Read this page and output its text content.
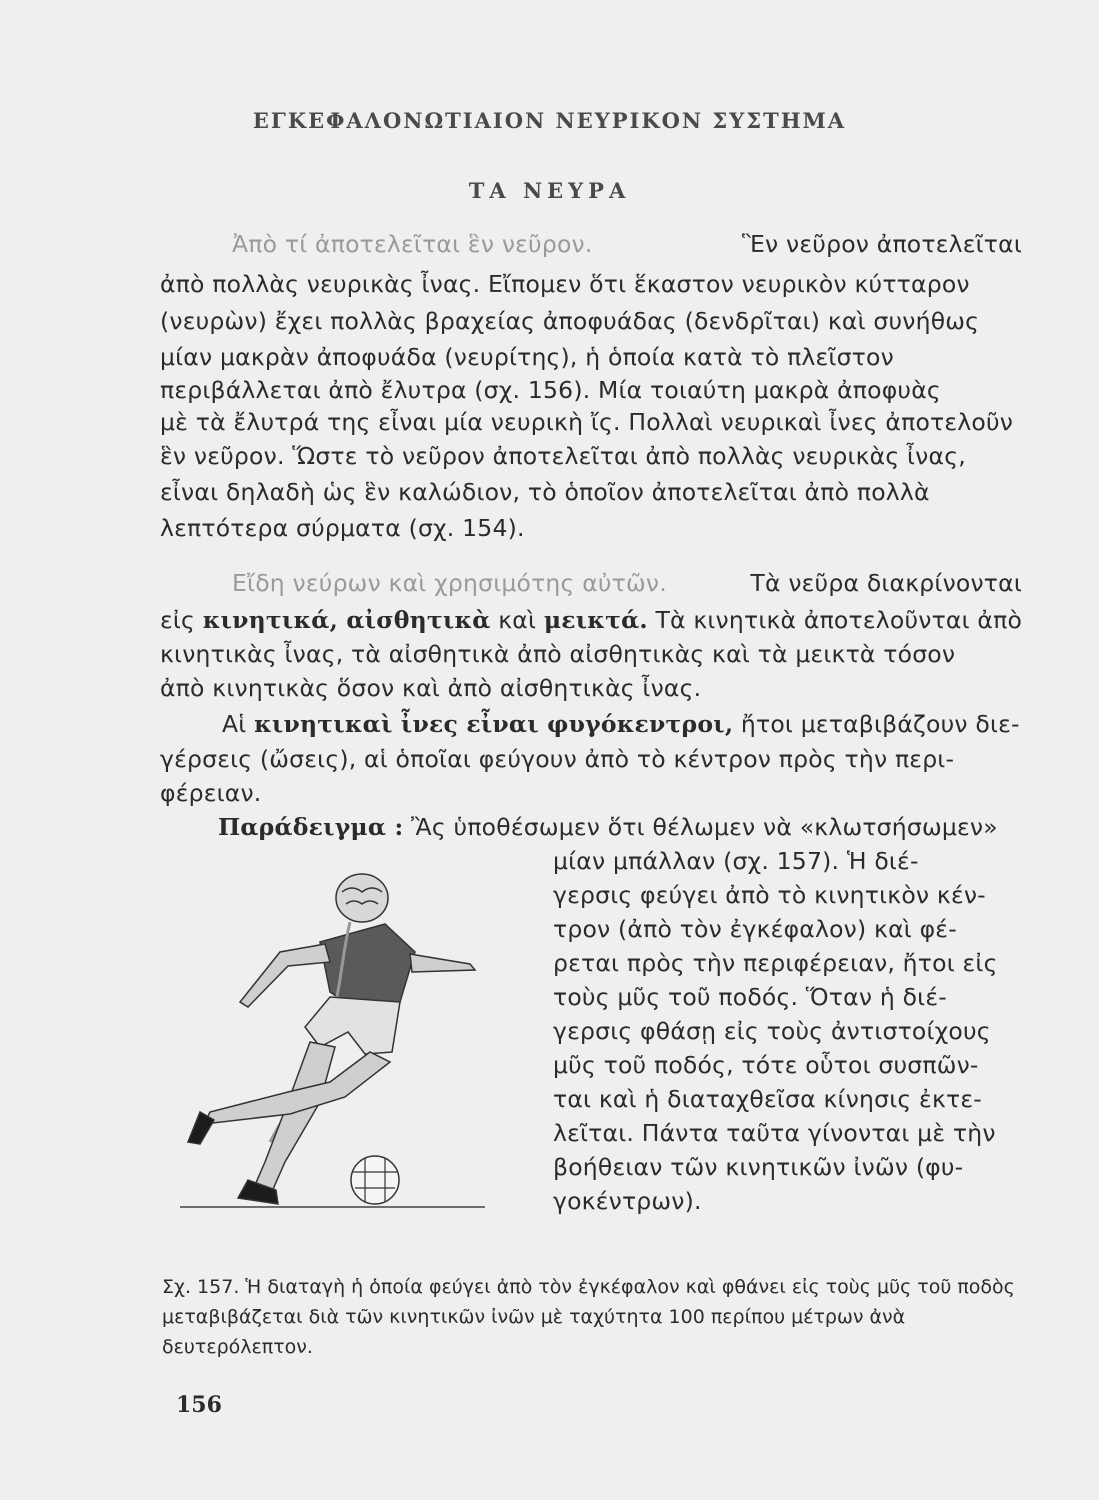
ΕΓΚΕΦΑΛΟΝΩΤΙΑΙΟΝ ΝΕΥΡΙΚΟΝ ΣΥΣΤΗΜΑ
ΤΑ ΝΕΥΡΑ
Ἀπὸ τί ἀποτελεῖται ἓν νεῦρον.	Ἓν νεῦρον ἀποτελεῖται
ἀπὸ πολλὰς νευρικὰς ἶνας. Εἴπομεν ὅτι ἕκαστον νευρικὸν κύτταρον
(νευρὼν) ἔχει πολλὰς βραχείας ἀποφυάδας (δενδρῖται) καὶ συνήθως
μίαν μακρὰν ἀποφυάδα (νευρίτης), ἡ ὁποία κατὰ τὸ πλεῖστον
περιβάλλεται ἀπὸ ἔλυτρα (σχ. 156). Μία τοιαύτη μακρὰ ἀποφυὰς
μὲ τὰ ἔλυτρά της εἶναι μία νευρικὴ ἴς. Πολλαὶ νευρικαὶ ἶνες ἀποτελοῦν
ἓν νεῦρον. Ὥστε τὸ νεῦρον ἀποτελεῖται ἀπὸ πολλὰς νευρικὰς ἶνας,
εἶναι δηλαδὴ ὡς ἓν καλώδιον, τὸ ὁποῖον ἀποτελεῖται ἀπὸ πολλὰ
λεπτότερα σύρματα (σχ. 154).
Εἴδη νεύρων καὶ χρησιμότης αὐτῶν.	Τὰ νεῦρα διακρίνονται
εἰς κινητικά, αἰσθητικὰ καὶ μεικτά. Τὰ κινητικὰ ἀποτελοῦνται ἀπὸ
κινητικὰς ἶνας, τὰ αἰσθητικὰ ἀπὸ αἰσθητικὰς καὶ τὰ μεικτὰ τόσον
ἀπὸ κινητικὰς ὅσον καὶ ἀπὸ αἰσθητικὰς ἶνας.
Αἱ κινητικαὶ ἶνες εἶναι φυγόκεντροι, ἤτοι μεταβιβάζουν διε-
γέρσεις (ὤσεις), αἱ ὁποῖαι φεύγουν ἀπὸ τὸ κέντρον πρὸς τὴν περι-
φέρειαν.
Παράδειγμα : Ἂς ὑποθέσωμεν ὅτι θέλωμεν νὰ «κλωτσήσωμεν»
μίαν μπάλλαν (σχ. 157). Ἡ διέ-
γερσις φεύγει ἀπὸ τὸ κινητικὸν κέν-
τρον (ἀπὸ τὸν ἐγκέφαλον) καὶ φέ-
ρεται πρὸς τὴν περιφέρειαν, ἤτοι εἰς
τοὺς μῦς τοῦ ποδός. Ὅταν ἡ διέ-
γερσις φθάσῃ εἰς τοὺς ἀντιστοίχους
μῦς τοῦ ποδός, τότε οὗτοι συσπῶν-
ται καὶ ἡ διαταχθεῖσα κίνησις ἐκτε-
λεῖται. Πάντα ταῦτα γίνονται μὲ τὴν
βοήθειαν τῶν κινητικῶν ἰνῶν (φυ-
γοκέντρων).
Σχ. 157. Ἡ διαταγὴ ἡ ὁποία φεύγει ἀπὸ τὸν ἐγκέφαλον καὶ φθάνει εἰς τοὺς μῦς τοῦ ποδὸς μεταβιβάζεται διὰ τῶν κινητικῶν ἰνῶν μὲ ταχύτητα 100 περίπου μέτρων ἀνὰ δευτερόλεπτον.
156
